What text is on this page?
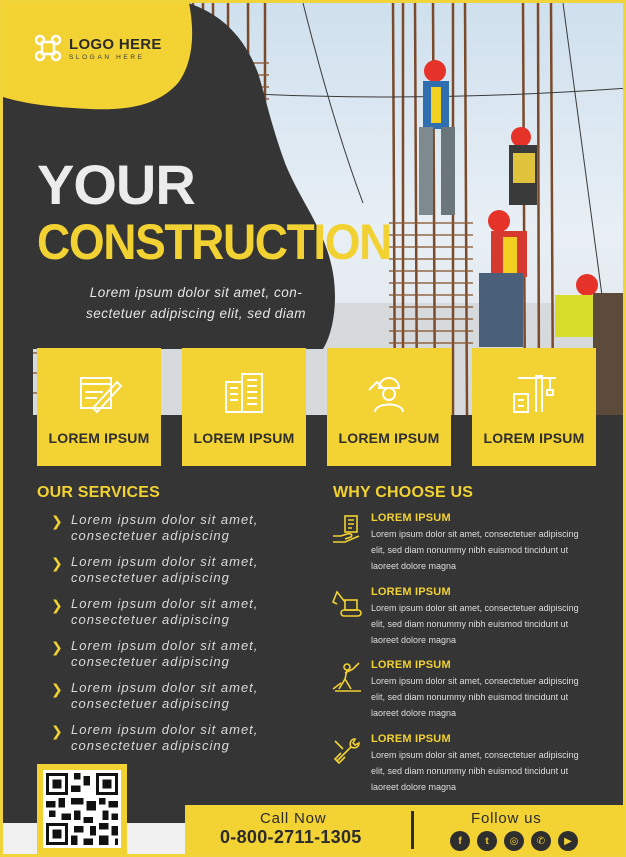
LOGO HERE
SLOGAN HERE
YOUR
CONSTRUCTION
Lorem ipsum dolor sit amet, con-sectetuer adipiscing elit, sed diam
LOREM IPSUM	LOREM IPSUM	LOREM IPSUM	LOREM IPSUM
OUR SERVICES
❯ Lorem ipsum dolor sit amet, consectetuer adipiscing
❯ Lorem ipsum dolor sit amet, consectetuer adipiscing
❯ Lorem ipsum dolor sit amet, consectetuer adipiscing
❯ Lorem ipsum dolor sit amet, consectetuer adipiscing
❯ Lorem ipsum dolor sit amet, consectetuer adipiscing
❯ Lorem ipsum dolor sit amet, consectetuer adipiscing
WHY CHOOSE US
LOREM IPSUM
Lorem ipsum dolor sit amet, consectetuer adipiscing elit, sed diam nonummy nibh euismod tincidunt ut laoreet dolore magna
LOREM IPSUM
Lorem ipsum dolor sit amet, consectetuer adipiscing elit, sed diam nonummy nibh euismod tincidunt ut laoreet dolore magna
LOREM IPSUM
Lorem ipsum dolor sit amet, consectetuer adipiscing elit, sed diam nonummy nibh euismod tincidunt ut laoreet dolore magna
LOREM IPSUM
Lorem ipsum dolor sit amet, consectetuer adipiscing elit, sed diam nonummy nibh euismod tincidunt ut laoreet dolore magna
Call Now
0-800-2711-1305
Follow us
f	t	◎	✆	▶
